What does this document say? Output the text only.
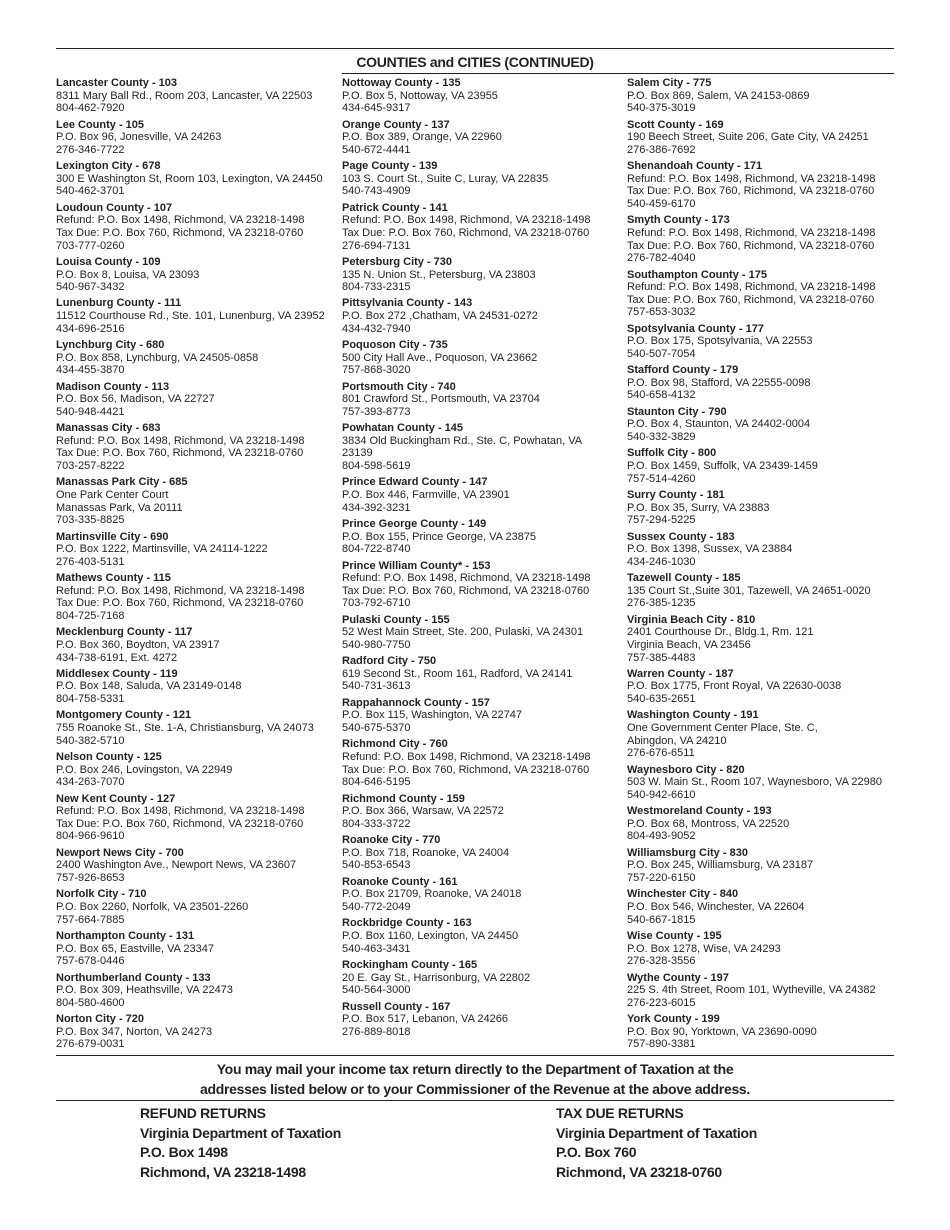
COUNTIES and CITIES (CONTINUED)
Lancaster County - 103
8311 Mary Ball Rd., Room 203, Lancaster, VA 22503
804-462-7920
Lee County - 105
P.O. Box 96, Jonesville, VA 24263
276-346-7722
Lexington City - 678
300 E Washington St, Room 103, Lexington, VA 24450
540-462-3701
Loudoun County - 107
Refund: P.O. Box 1498, Richmond, VA 23218-1498
Tax Due: P.O. Box 760, Richmond, VA 23218-0760
703-777-0260
Louisa County - 109
P.O. Box 8, Louisa, VA 23093
540-967-3432
Lunenburg County - 111
11512 Courthouse Rd., Ste. 101, Lunenburg, VA 23952
434-696-2516
Lynchburg City - 680
P.O. Box 858, Lynchburg, VA 24505-0858
434-455-3870
Madison County - 113
P.O. Box 56, Madison, VA 22727
540-948-4421
Manassas City - 683
Refund: P.O. Box 1498, Richmond, VA 23218-1498
Tax Due: P.O. Box 760, Richmond, VA 23218-0760
703-257-8222
Manassas Park City - 685
One Park Center Court
Manassas Park, Va 20111
703-335-8825
Martinsville City - 690
P.O. Box 1222, Martinsville, VA 24114-1222
276-403-5131
Mathews County - 115
Refund: P.O. Box 1498, Richmond, VA 23218-1498
Tax Due: P.O. Box 760, Richmond, VA 23218-0760
804-725-7168
Mecklenburg County - 117
P.O. Box 360, Boydton, VA 23917
434-738-6191, Ext. 4272
Middlesex County - 119
P.O. Box 148, Saluda, VA 23149-0148
804-758-5331
Montgomery County - 121
755 Roanoke St., Ste. 1-A, Christiansburg, VA 24073
540-382-5710
Nelson County - 125
P.O. Box 246, Lovingston, VA 22949
434-263-7070
New Kent County - 127
Refund: P.O. Box 1498, Richmond, VA 23218-1498
Tax Due: P.O. Box 760, Richmond, VA 23218-0760
804-966-9610
Newport News City - 700
2400 Washington Ave., Newport News, VA 23607
757-926-8653
Norfolk City - 710
P.O. Box 2260, Norfolk, VA 23501-2260
757-664-7885
Northampton County - 131
P.O. Box 65, Eastville, VA 23347
757-678-0446
Northumberland County - 133
P.O. Box 309, Heathsville, VA 22473
804-580-4600
Norton City - 720
P.O. Box 347, Norton, VA 24273
276-679-0031
Nottoway County - 135
P.O. Box 5, Nottoway, VA 23955
434-645-9317
Orange County - 137
P.O. Box 389, Orange, VA 22960
540-672-4441
Page County - 139
103 S. Court St., Suite C, Luray, VA 22835
540-743-4909
Patrick County - 141
Refund: P.O. Box 1498, Richmond, VA 23218-1498
Tax Due: P.O. Box 760, Richmond, VA 23218-0760
276-694-7131
Petersburg City - 730
135 N. Union St., Petersburg, VA 23803
804-733-2315
Pittsylvania County - 143
P.O. Box 272 ,Chatham, VA 24531-0272
434-432-7940
Poquoson City - 735
500 City Hall Ave., Poquoson, VA 23662
757-868-3020
Portsmouth City - 740
801 Crawford St., Portsmouth, VA 23704
757-393-8773
Powhatan County - 145
3834 Old Buckingham Rd., Ste. C, Powhatan, VA
23139
804-598-5619
Prince Edward County - 147
P.O. Box 446, Farmville, VA 23901
434-392-3231
Prince George County - 149
P.O. Box 155, Prince George, VA 23875
804-722-8740
Prince William County* - 153
Refund: P.O. Box 1498, Richmond, VA 23218-1498
Tax Due: P.O. Box 760, Richmond, VA 23218-0760
703-792-6710
Pulaski County - 155
52 West Main Street, Ste. 200, Pulaski, VA 24301
540-980-7750
Radford City - 750
619 Second St., Room 161, Radford, VA 24141
540-731-3613
Rappahannock County - 157
P.O. Box 115, Washington, VA 22747
540-675-5370
Richmond City - 760
Refund: P.O. Box 1498, Richmond, VA 23218-1498
Tax Due: P.O. Box 760, Richmond, VA 23218-0760
804-646-5195
Richmond County - 159
P.O. Box 366, Warsaw, VA 22572
804-333-3722
Roanoke City - 770
P.O. Box 718, Roanoke, VA 24004
540-853-6543
Roanoke County - 161
P.O. Box 21709, Roanoke, VA 24018
540-772-2049
Rockbridge County - 163
P.O. Box 1160, Lexington, VA 24450
540-463-3431
Rockingham County - 165
20 E. Gay St., Harrisonburg, VA 22802
540-564-3000
Russell County - 167
P.O. Box 517, Lebanon, VA 24266
276-889-8018
Salem City - 775
P.O. Box 869, Salem, VA 24153-0869
540-375-3019
Scott County - 169
190 Beech Street, Suite 206, Gate City, VA 24251
276-386-7692
Shenandoah County - 171
Refund: P.O. Box 1498, Richmond, VA 23218-1498
Tax Due: P.O. Box 760, Richmond, VA 23218-0760
540-459-6170
Smyth County - 173
Refund: P.O. Box 1498, Richmond, VA 23218-1498
Tax Due: P.O. Box 760, Richmond, VA 23218-0760
276-782-4040
Southampton County - 175
Refund: P.O. Box 1498, Richmond, VA 23218-1498
Tax Due: P.O. Box 760, Richmond, VA 23218-0760
757-653-3032
Spotsylvania County - 177
P.O. Box 175, Spotsylvania, VA 22553
540-507-7054
Stafford County - 179
P.O. Box 98, Stafford, VA 22555-0098
540-658-4132
Staunton City - 790
P.O. Box 4, Staunton, VA 24402-0004
540-332-3829
Suffolk City - 800
P.O. Box 1459, Suffolk, VA 23439-1459
757-514-4260
Surry County - 181
P.O. Box 35, Surry, VA 23883
757-294-5225
Sussex County - 183
P.O. Box 1398, Sussex, VA 23884
434-246-1030
Tazewell County - 185
135 Court St.,Suite 301, Tazewell, VA 24651-0020
276-385-1235
Virginia Beach City - 810
2401 Courthouse Dr., Bldg.1, Rm. 121
Virginia Beach, VA 23456
757-385-4483
Warren County - 187
P.O. Box 1775, Front Royal, VA 22630-0038
540-635-2651
Washington County - 191
One Government Center Place, Ste. C,
Abingdon, VA 24210
276-676-6511
Waynesboro City - 820
503 W. Main St., Room 107, Waynesboro, VA 22980
540-942-6610
Westmoreland County - 193
P.O. Box 68, Montross, VA 22520
804-493-9052
Williamsburg City - 830
P.O. Box 245, Williamsburg, VA 23187
757-220-6150
Winchester City - 840
P.O. Box 546, Winchester, VA 22604
540-667-1815
Wise County - 195
P.O. Box 1278, Wise, VA 24293
276-328-3556
Wythe County - 197
225 S. 4th Street, Room 101, Wytheville, VA 24382
276-223-6015
York County - 199
P.O. Box 90, Yorktown, VA 23690-0090
757-890-3381
You may mail your income tax return directly to the Department of Taxation at the
addresses listed below or to your Commissioner of the Revenue at the above address.
REFUND RETURNS
Virginia Department of Taxation
P.O. Box 1498
Richmond, VA 23218-1498
TAX DUE RETURNS
Virginia Department of Taxation
P.O. Box 760
Richmond, VA 23218-0760
